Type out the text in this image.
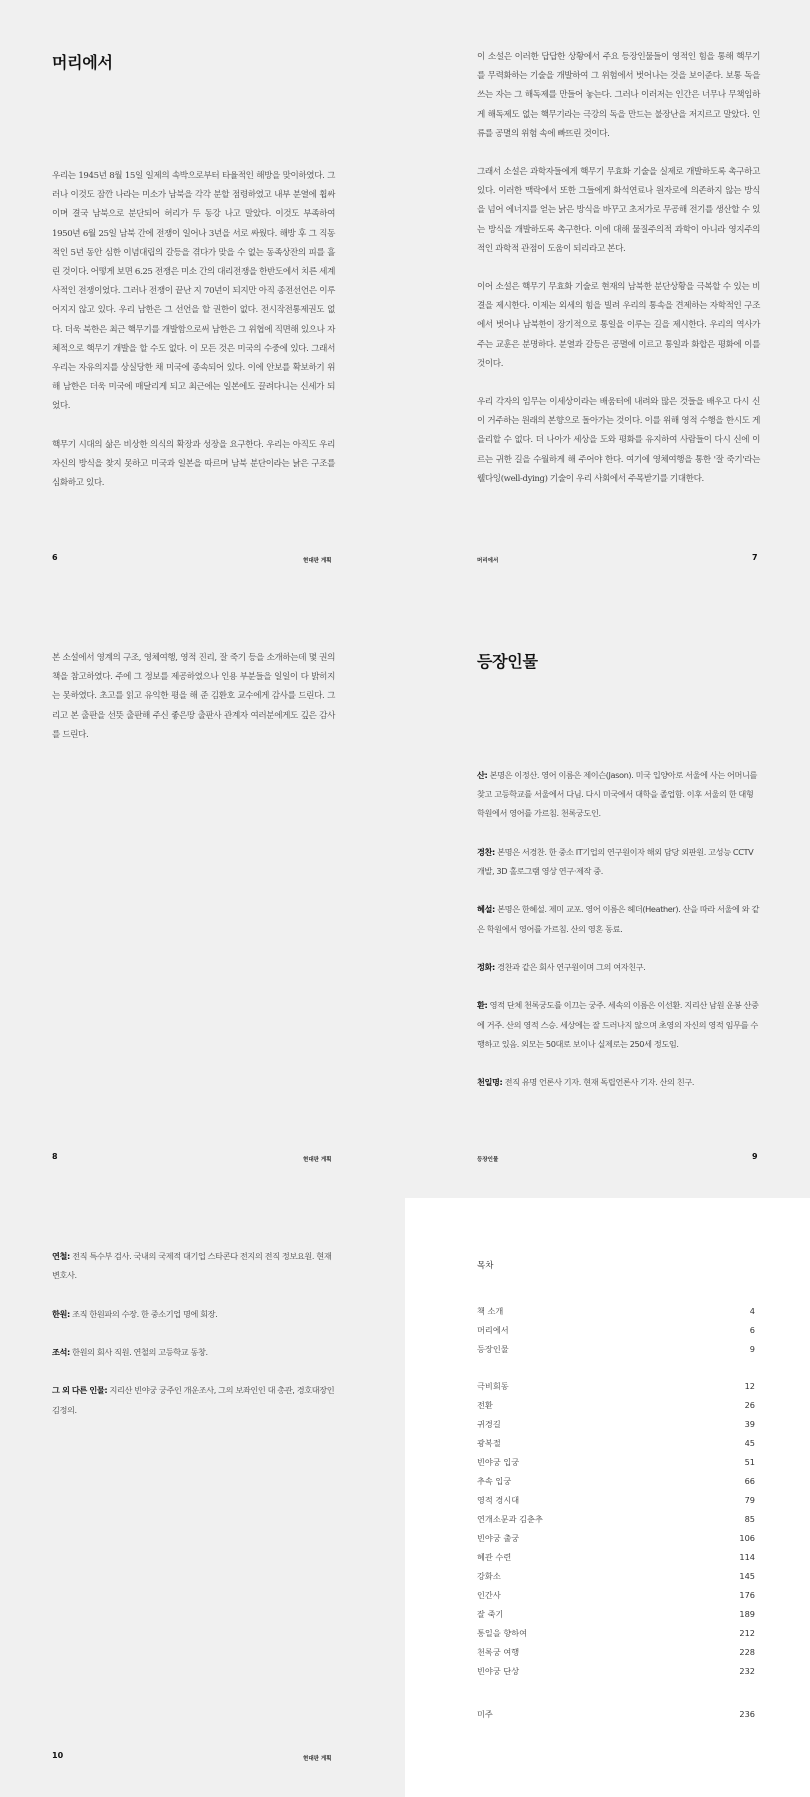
머리에서

우리는 1945년 8월 15일 일제의 속박으로부터 타율적인 해방을 맞이하였다. 그러나 이것도 잠깐 나라는 미소가 남북을 각각 분할 점령하였고 내부 분열에 휩싸이며 결국 남북으로 분단되어 허리가 두 동강 나고 말았다. 이것도 부족하여 1950년 6월 25일 남북 간에 전쟁이 일어나 3년을 서로 싸웠다. 해방 후 그 직동적인 5년 동안 심한 이념대립의 갈등을 겪다가 맞을 수 없는 동족상잔의 피를 흘린 것이다. 어떻게 보면 6.25 전쟁은 미소 간의 대리전쟁을 한반도에서 치른 세계사적인 전쟁이었다. 그러나 전쟁이 끝난 지 70년이 되지만 아직 종전선언은 이루어지지 않고 있다. 우리 남한은 그 선언을 할 권한이 없다. 전시작전통제권도 없다. 더욱 북한은 최근 핵무기를 개발함으로써 남한은 그 위협에 직면해 있으나 자체적으로 핵무기 개발을 할 수도 없다. 이 모든 것은 미국의 수중에 있다. 그래서 우리는 자유의지를 상실당한 채 미국에 종속되어 있다. 이에 안보를 확보하기 위해 남한은 더욱 미국에 매달리게 되고 최근에는 일본에도 끌려다니는 신세가 되었다.

핵무기 시대의 삶은 비상한 의식의 확장과 성장을 요구한다. 우리는 아직도 우리 자신의 방식을 찾지 못하고 미국과 일본을 따르며 남북 분단이라는 낡은 구조를 심화하고 있다.

6	현대판 게획

이 소설은 이러한 답답한 상황에서 주요 등장인물들이 영적인 힘을 통해 핵무기를 무력화하는 기술을 개발하여 그 위험에서 벗어나는 것을 보이준다. 보통 독을 쓰는 자는 그 해독제를 만들어 놓는다. 그러나 이러저는 인간은 너무나 무책임하게 해독제도 없는 핵무기라는 극강의 독을 만드는 불장난을 저지르고 말았다. 인류를 공멸의 위험 속에 빠뜨린 것이다.

그래서 소설은 과학자들에게 핵무기 무효화 기술을 실제로 개발하도록 촉구하고 있다. 이러한 맥락에서 또한 그들에게 화석연료나 원자로에 의존하지 않는 방식을 넘어 에너지를 얻는 낡은 방식을 바꾸고 초저가로 무공해 전기를 생산할 수 있는 방식을 개발하도록 촉구한다. 이에 대해 물질주의적 과학이 아니라 영지주의적인 과학적 관점이 도움이 되리라고 본다.

이어 소설은 핵무기 무효화 기술로 현재의 남북한 분단상황을 극복할 수 있는 비결을 제시한다. 이제는 외세의 힘을 빌려 우리의 통속을 견제하는 자학적인 구조에서 벗어나 남북한이 장기적으로 통일을 이루는 길을 제시한다. 우리의 역사가 주는 교훈은 분명하다. 분열과 갈등은 공멸에 이르고 통일과 화합은 평화에 이를 것이다.

우리 각자의 임무는 이세상이라는 배움터에 내려와 많은 것들을 배우고 다시 신이 거주하는 원래의 본향으로 돌아가는 것이다. 이를 위해 영적 수행을 한시도 게을리할 수 없다. 더 나아가 세상을 도와 평화를 유지하여 사람들이 다시 신에 이르는 귀한 길을 수월하게 해 주어야 한다. 여기에 영체여행을 통한 '잘 죽기'라는 웰다잉(well-dying) 기술이 우리 사회에서 주목받기를 기대한다.

머리에서	7

본 소설에서 영계의 구조, 영체여행, 영적 진리, 잘 죽기 등을 소개하는데 몇 권의 책을 참고하였다. 주에 그 정보를 제공하였으나 인용 부분들을 일일이 다 밝히지는 못하였다. 초고를 읽고 유익한 평을 해 준 김환호 교수에게 감사를 드린다. 그리고 본 출판을 선뜻 출판해 주신 좋은땅 출판사 관계자 여러분에게도 깊은 감사를 드린다.

8	현대판 게획
등장인물

산: 본명은 이정산. 영어 이름은 제이슨(Jason). 미국 입양아로 서울에 사는 어머니를 찾고 고등학교를 서울에서 다님. 다시 미국에서 대학을 졸업함. 이후 서울의 한 대형 학원에서 영어를 가르침. 천록궁도인.

경찬: 본명은 서경찬. 한 중소 IT기업의 연구원이자 해외 담당 외판원. 고성능 CCTV 개발, 3D 홀로그램 영상 연구·제작 중.

혜설: 본명은 한혜설. 제미 교포. 영어 이름은 헤더(Heather). 산을 따라 서울에 와 같은 학원에서 영어를 가르침. 산의 영혼 동료.

정화: 경찬과 같은 회사 연구원이며 그의 여자친구.

환: 영적 단체 천록궁도를 이끄는 궁주. 세속의 이름은 이선환. 지리산 남원 운봉 산중에 거주. 산의 영적 스승. 세상에는 잘 드러나지 않으며 초영의 자신의 영적 임무를 수행하고 있음. 외모는 50대로 보이나 실제로는 250세 정도임.

천일명: 전직 유명 언론사 기자. 현재 독립언론사 기자. 산의 친구.

등장인물	9

연철: 전직 특수부 검사. 국내의 국제적 대기업 스타콘다 전지의 전직 정보요원. 현재 변호사.

한원: 조직 한원파의 수장. 한 중소기업 명에 회장.

조석: 한원의 회사 직원. 연철의 고등학교 동창.

그 외 다른 인물: 지리산 빈야궁 궁주인 개운조사, 그의 보좌인인 대 총관, 경호대장인 김정의.

10	현대판 게획
목차
책 소개	4
머리에서	6
등장인물	9
극비회동	12
전환	26
귀경길	39
광복절	45
빈야궁 입궁	51
추속 입궁	66
영적 경시대	79
연개소문과 김춘추	85
빈야궁 출궁	106
혜관 수련	114
강화소	145
인간사	176
잘 죽기	189
통일을 향하여	212
천록궁 여행	228
빈야궁 단상	232
미주	236
